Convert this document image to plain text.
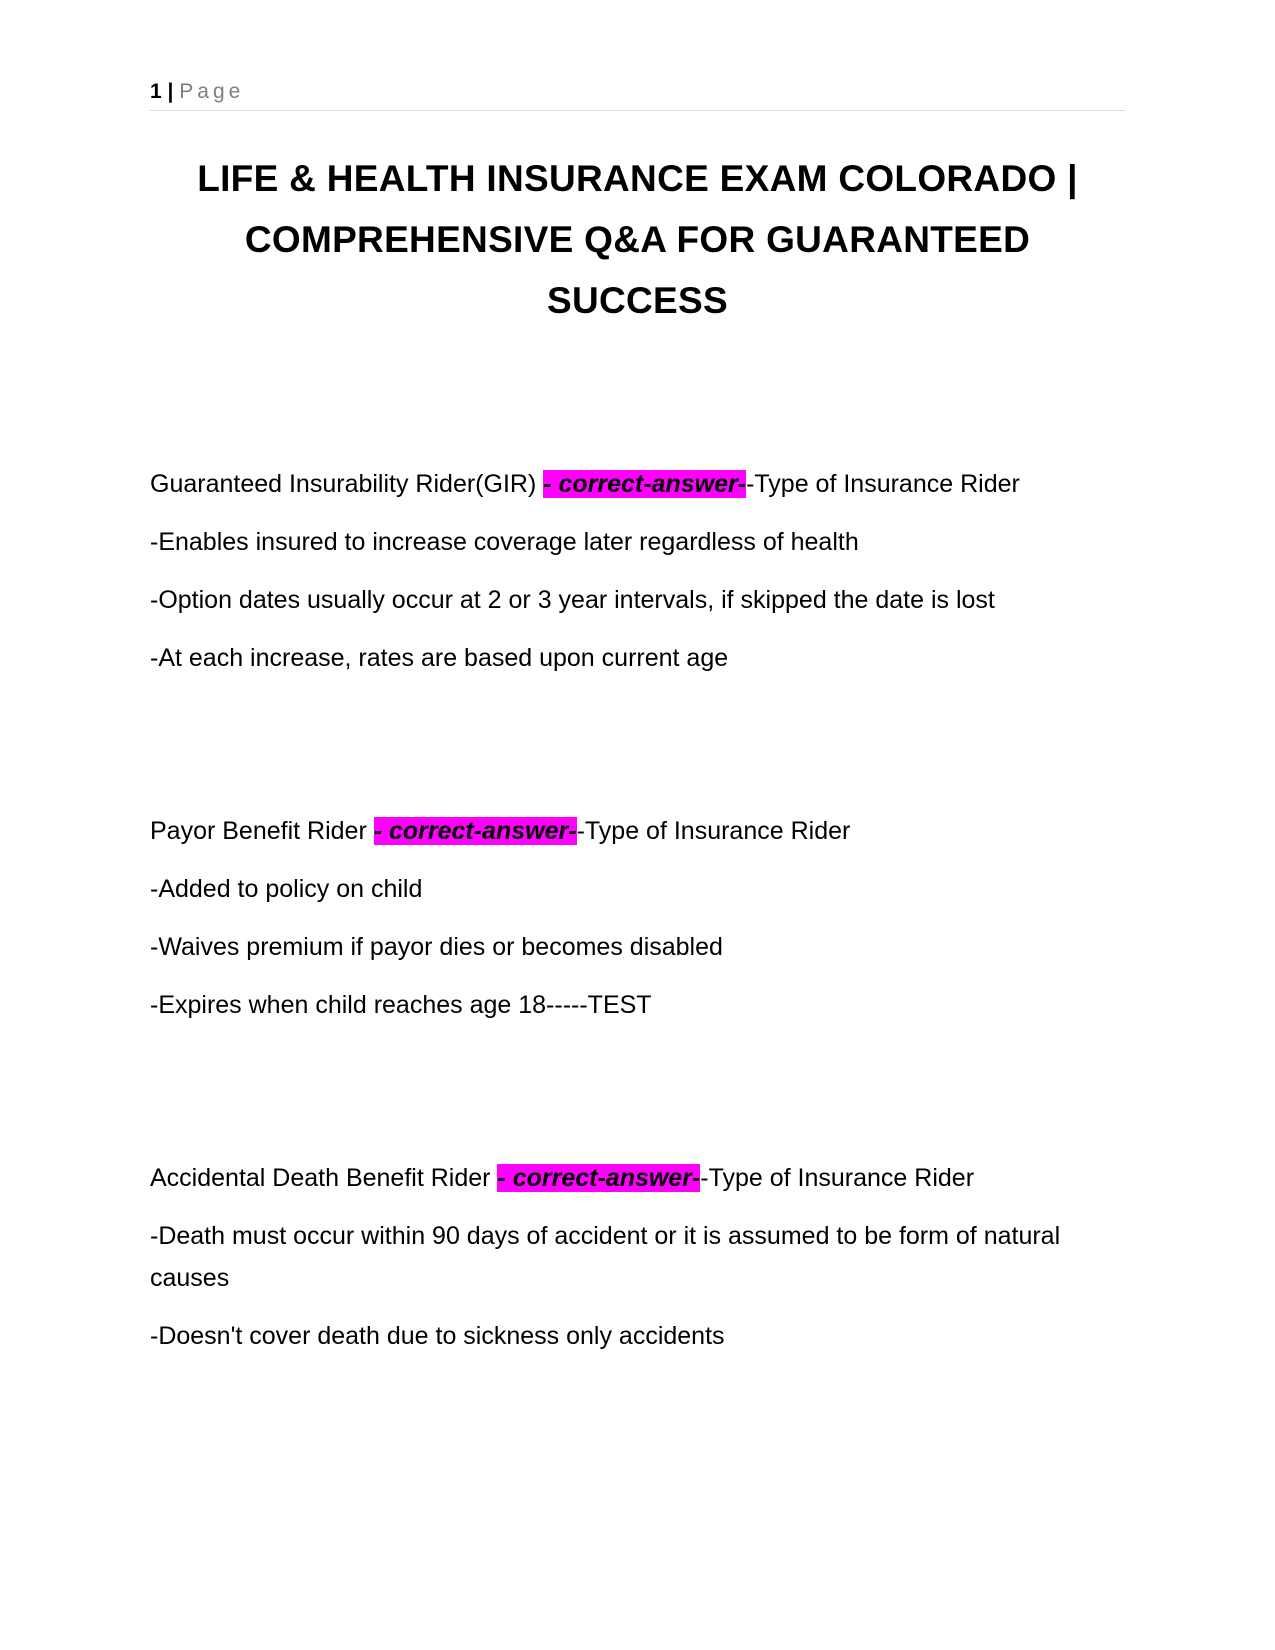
1 | Page
LIFE & HEALTH INSURANCE EXAM COLORADO | COMPREHENSIVE Q&A FOR GUARANTEED SUCCESS

Guaranteed Insurability Rider(GIR) - correct-answer--Type of Insurance Rider

-Enables insured to increase coverage later regardless of health

-Option dates usually occur at 2 or 3 year intervals, if skipped the date is lost

-At each increase, rates are based upon current age

Payor Benefit Rider - correct-answer--Type of Insurance Rider

-Added to policy on child

-Waives premium if payor dies or becomes disabled

-Expires when child reaches age 18-----TEST

Accidental Death Benefit Rider - correct-answer--Type of Insurance Rider

-Death must occur within 90 days of accident or it is assumed to be form of natural causes

-Doesn't cover death due to sickness only accidents
